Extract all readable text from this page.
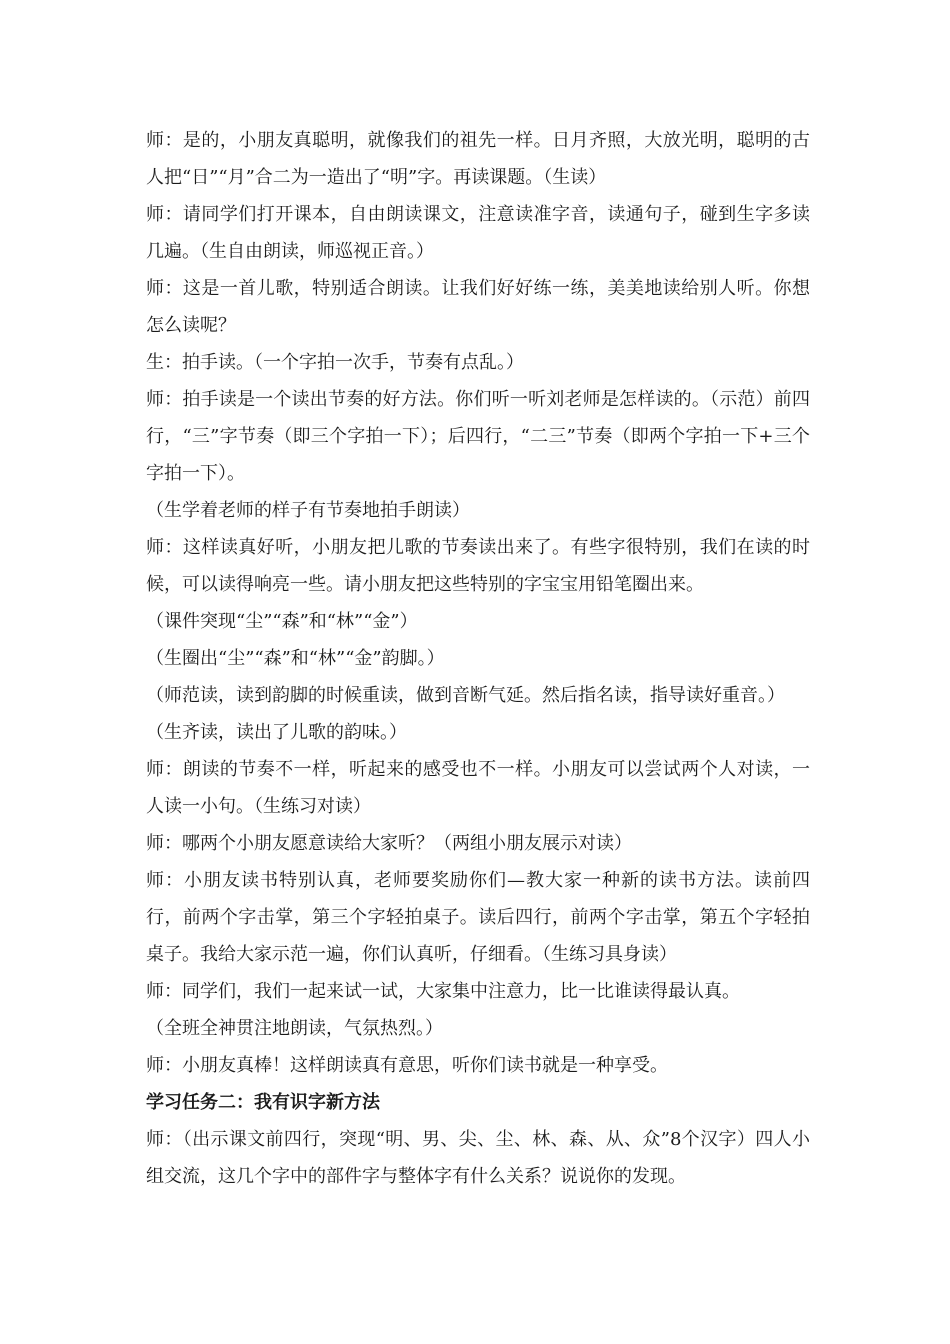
师：是的，小朋友真聪明，就像我们的祖先一样。日月齐照，大放光明，聪明的古人把“日”“月”合二为一造出了“明”字。再读课题。（生读）

师：请同学们打开课本，自由朗读课文，注意读准字音，读通句子，碰到生字多读几遍。（生自由朗读，师巡视正音。）

师：这是一首儿歌，特别适合朗读。让我们好好练一练，美美地读给别人听。你想怎么读呢？

生：拍手读。（一个字拍一次手，节奏有点乱。）

师：拍手读是一个读出节奏的好方法。你们听一听刘老师是怎样读的。（示范）前四行，“三”字节奏（即三个字拍一下）；后四行，“二三”节奏（即两个字拍一下+三个字拍一下）。

（生学着老师的样子有节奏地拍手朗读）

师：这样读真好听，小朋友把儿歌的节奏读出来了。有些字很特别，我们在读的时候，可以读得响亮一些。请小朋友把这些特别的字宝宝用铅笔圈出来。

（课件突现“尘”“森”和“林”“金”）

（生圈出“尘”“森”和“林”“金”韵脚。）

（师范读，读到韵脚的时候重读，做到音断气延。然后指名读，指导读好重音。）

（生齐读，读出了儿歌的韵味。）

师：朗读的节奏不一样，听起来的感受也不一样。小朋友可以尝试两个人对读，一人读一小句。（生练习对读）

师：哪两个小朋友愿意读给大家听？（两组小朋友展示对读）

师：小朋友读书特别认真，老师要奖励你们—教大家一种新的读书方法。读前四行，前两个字击掌，第三个字轻拍桌子。读后四行，前两个字击掌，第五个字轻拍桌子。我给大家示范一遍，你们认真听，仔细看。（生练习具身读）

师：同学们，我们一起来试一试，大家集中注意力，比一比谁读得最认真。

（全班全神贯注地朗读，气氛热烈。）

师：小朋友真棒！这样朗读真有意思，听你们读书就是一种享受。

学习任务二：我有识字新方法

师：（出示课文前四行，突现“明、男、尖、尘、林、森、从、众”8个汉字）四人小组交流，这几个字中的部件字与整体字有什么关系？说说你的发现。
